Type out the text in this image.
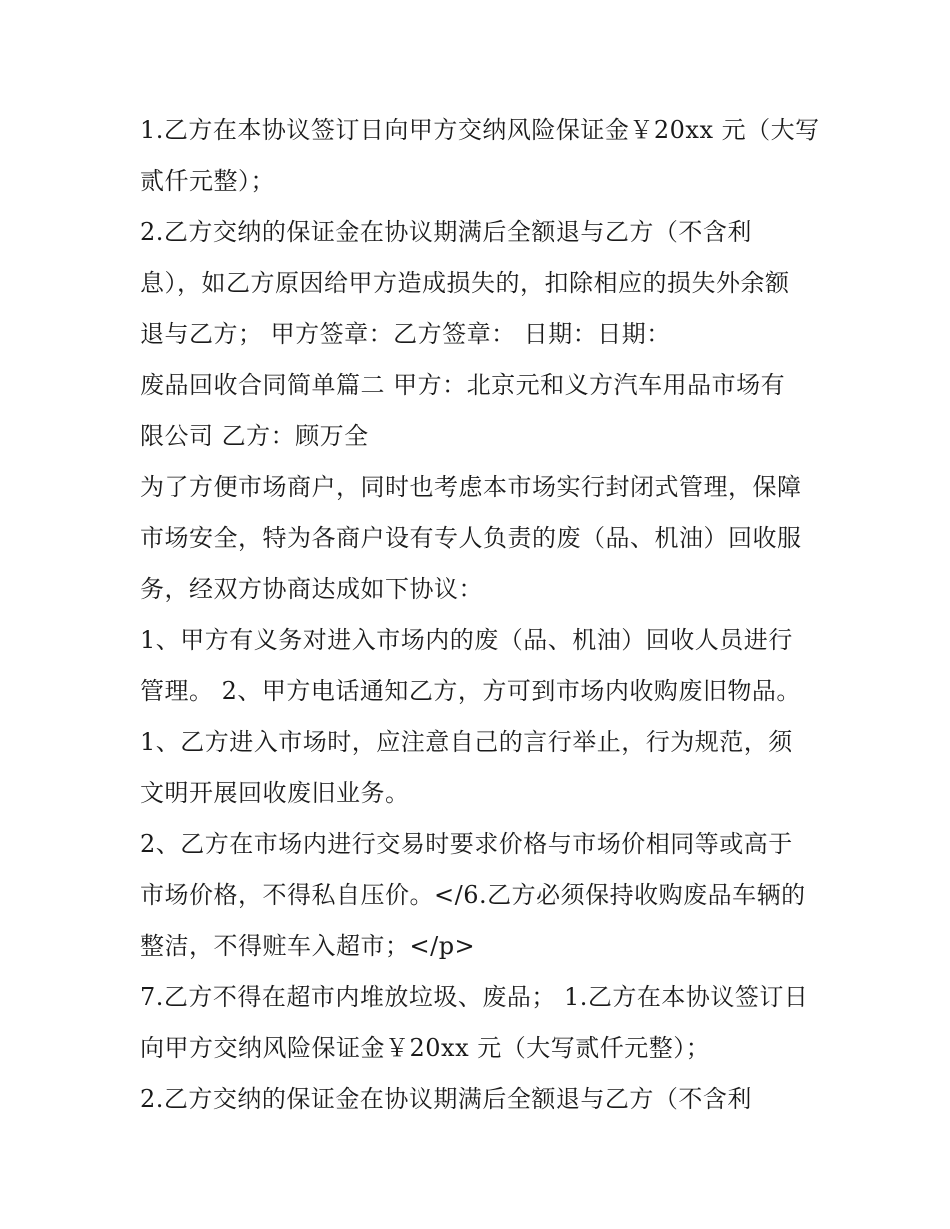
1.乙方在本协议签订日向甲方交纳风险保证金￥20xx 元（大写
贰仟元整）；
2.乙方交纳的保证金在协议期满后全额退与乙方（不含利
息），如乙方原因给甲方造成损失的，扣除相应的损失外余额
退与乙方； 甲方签章：乙方签章： 日期：日期：
废品回收合同简单篇二 甲方：北京元和义方汽车用品市场有
限公司 乙方：顾万全
为了方便市场商户，同时也考虑本市场实行封闭式管理，保障
市场安全，特为各商户设有专人负责的废（品、机油）回收服
务，经双方协商达成如下协议：
1、甲方有义务对进入市场内的废（品、机油）回收人员进行
管理。 2、甲方电话通知乙方，方可到市场内收购废旧物品。
1、乙方进入市场时，应注意自己的言行举止，行为规范，须
文明开展回收废旧业务。
2、乙方在市场内进行交易时要求价格与市场价相同等或高于
市场价格，不得私自压价。</6.乙方必须保持收购废品车辆的
整洁，不得赃车入超市；</p>
7.乙方不得在超市内堆放垃圾、废品； 1.乙方在本协议签订日
向甲方交纳风险保证金￥20xx 元（大写贰仟元整）；
2.乙方交纳的保证金在协议期满后全额退与乙方（不含利
